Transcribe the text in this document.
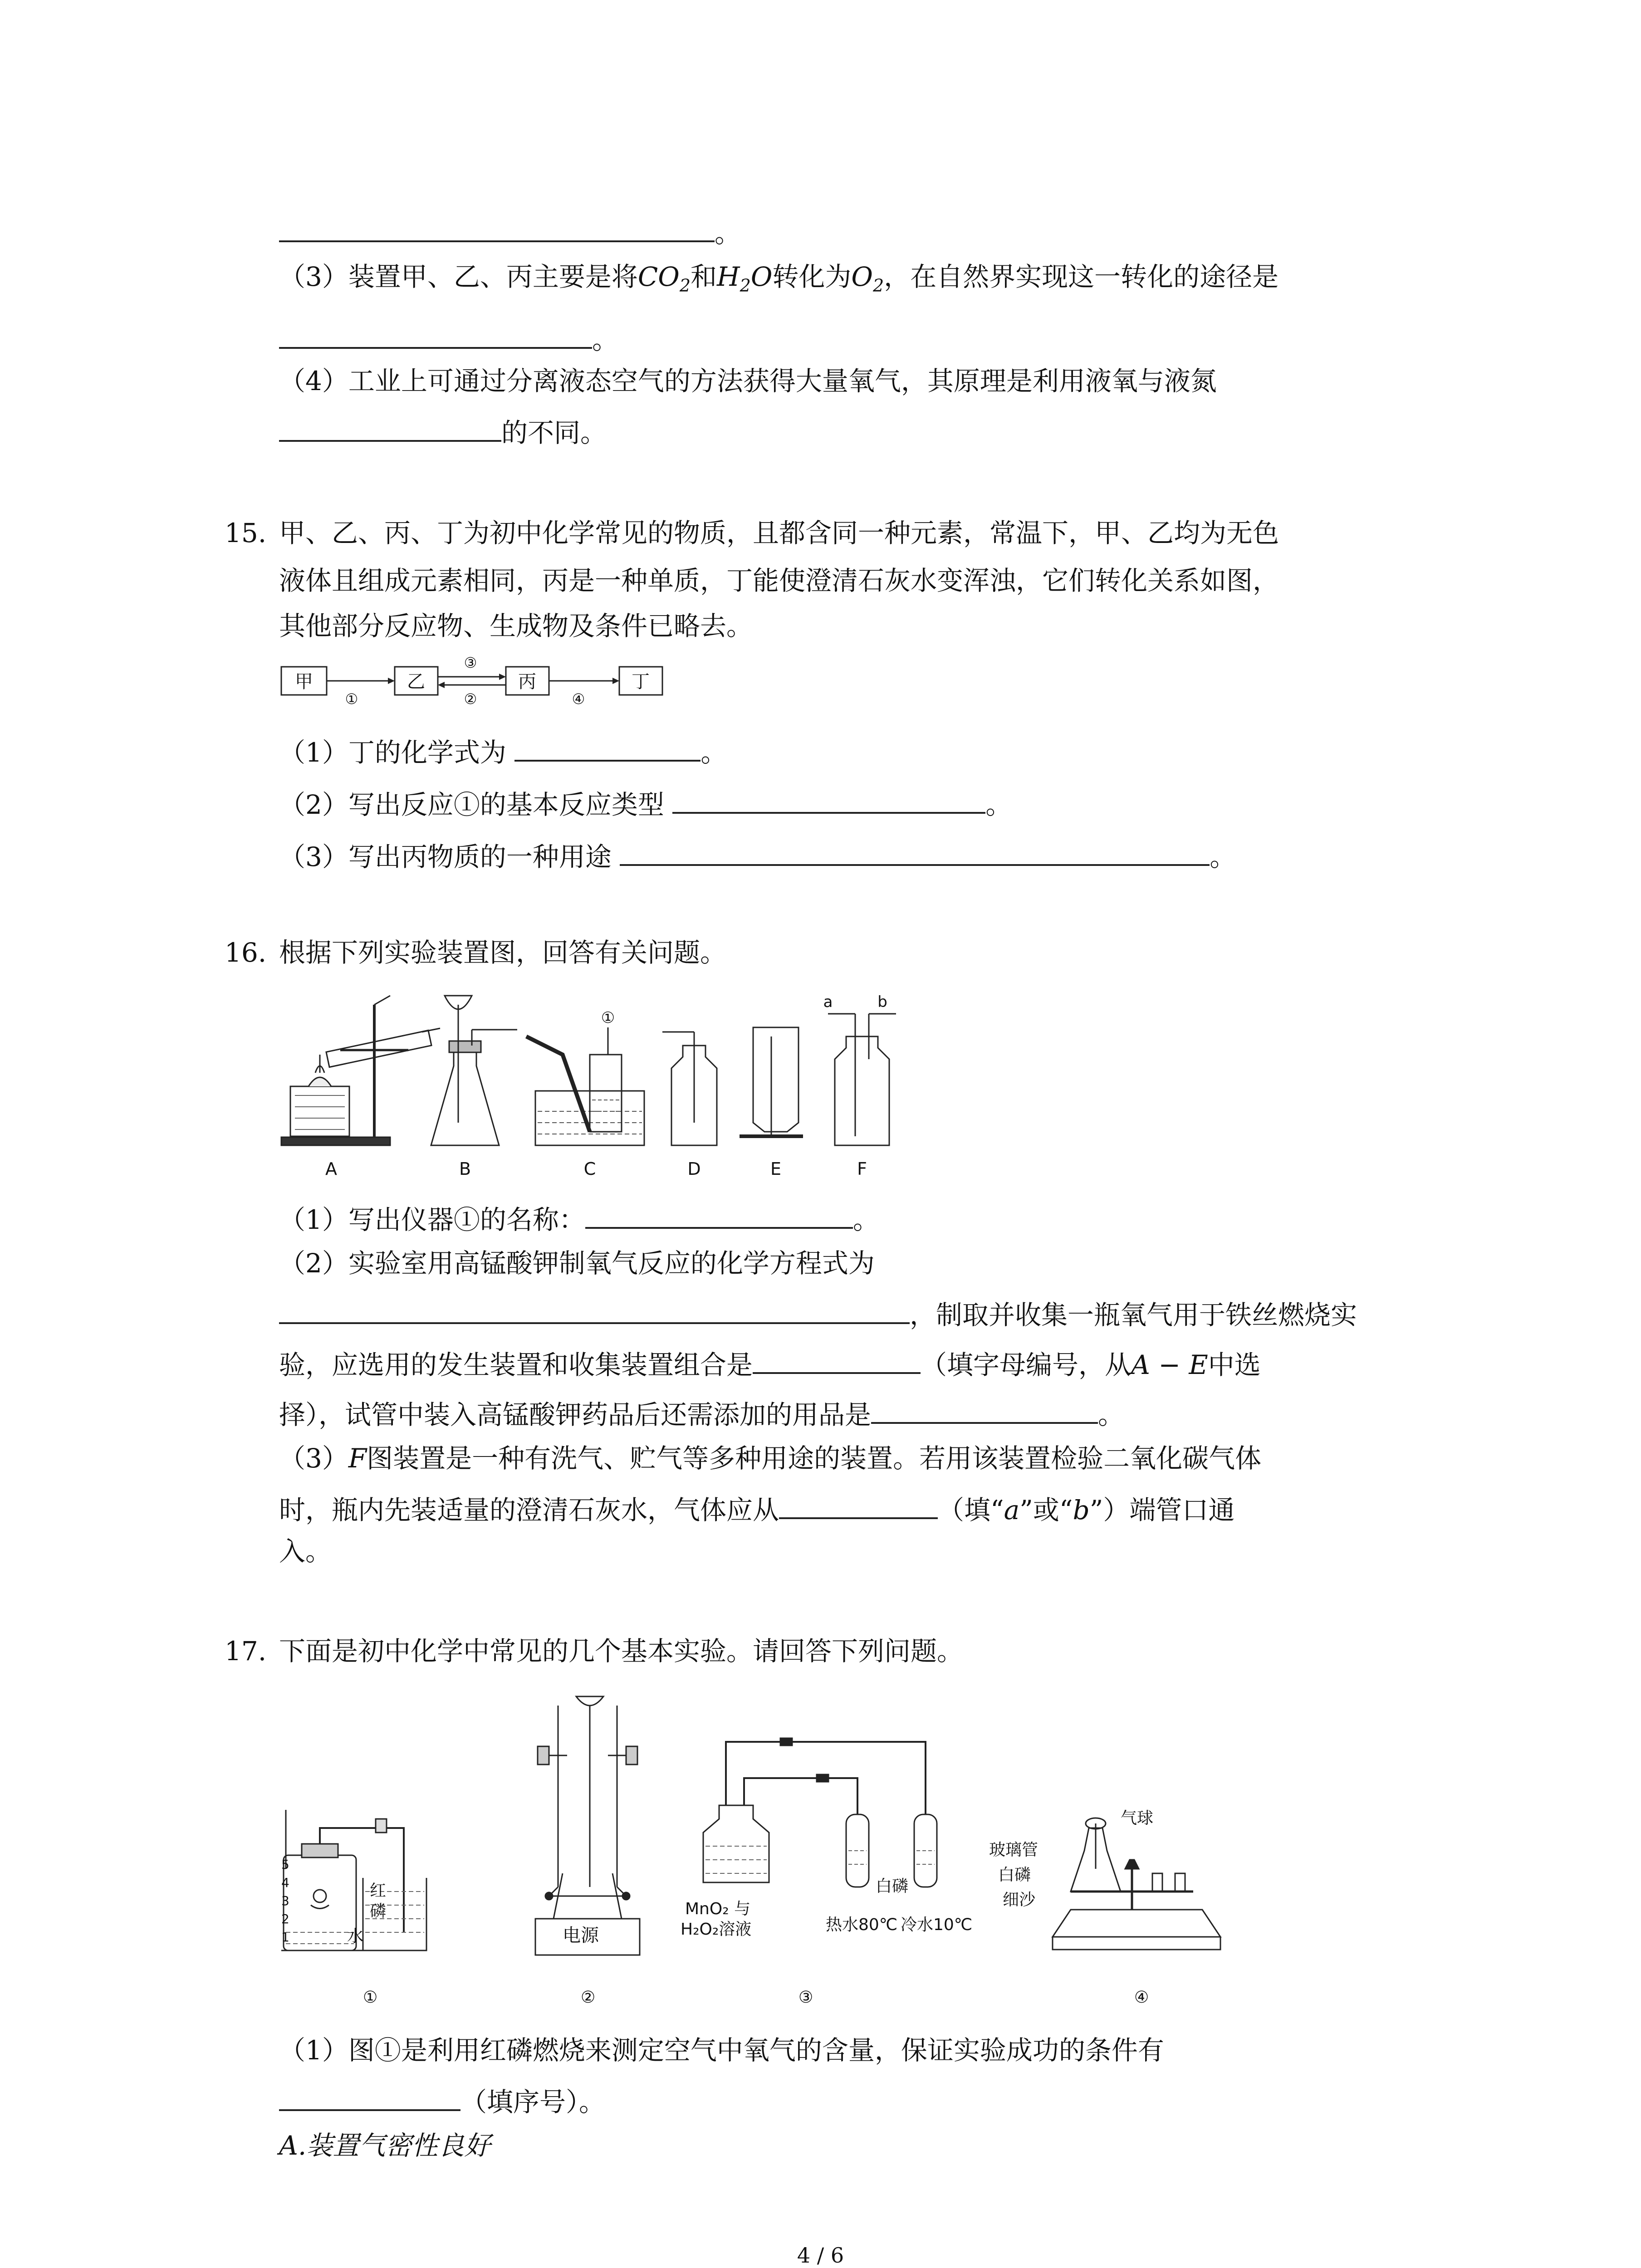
。
（3）装置甲、乙、丙主要是将$CO_2$和$H_2O$转化为$O_2$，在自然界实现这一转化的途径是
。
（4）工业上可通过分离液态空气的方法获得大量氧气，其原理是利用液氧与液氮
的不同。
15. 甲、乙、丙、丁为初中化学常见的物质，且都含同一种元素，常温下，甲、乙均为无色
液体且组成元素相同，丙是一种单质，丁能使澄清石灰水变浑浊，它们转化关系如图，
其他部分反应物、生成物及条件已略去。
甲	乙	丙	丁
①
③
②	④
（1）丁的化学式为	。
（2）写出反应①的基本反应类型	。
（3）写出丙物质的一种用途	。
16. 根据下列实验装置图，回答有关问题。
A	B	C	D	E	F
a	b
①
（1）写出仪器①的名称：	。
（2）实验室用高锰酸钾制氧气反应的化学方程式为
，制取并收集一瓶氧气用于铁丝燃烧实
验，应选用的发生装置和收集装置组合是	（填字母编号，从A − E中选
择），试管中装入高锰酸钾药品后还需添加的用品是	。
（3）F图装置是一种有洗气、贮气等多种用途的装置。若用该装置检验二氧化碳气体
时，瓶内先装适量的澄清石灰水，气体应从	（填“a”或“b”）端管口通
入。
17. 下面是初中化学中常见的几个基本实验。请回答下列问题。
5
4
3
2
1
红
磷
水	电源
MnO₂ 与
H₂O₂溶液
白磷
热水80℃ 冷水10℃
气球
玻璃管
白磷
细沙
①	②	③	④
（1）图①是利用红磷燃烧来测定空气中氧气的含量，保证实验成功的条件有
（填序号）。
A.装置气密性良好
4 / 6
